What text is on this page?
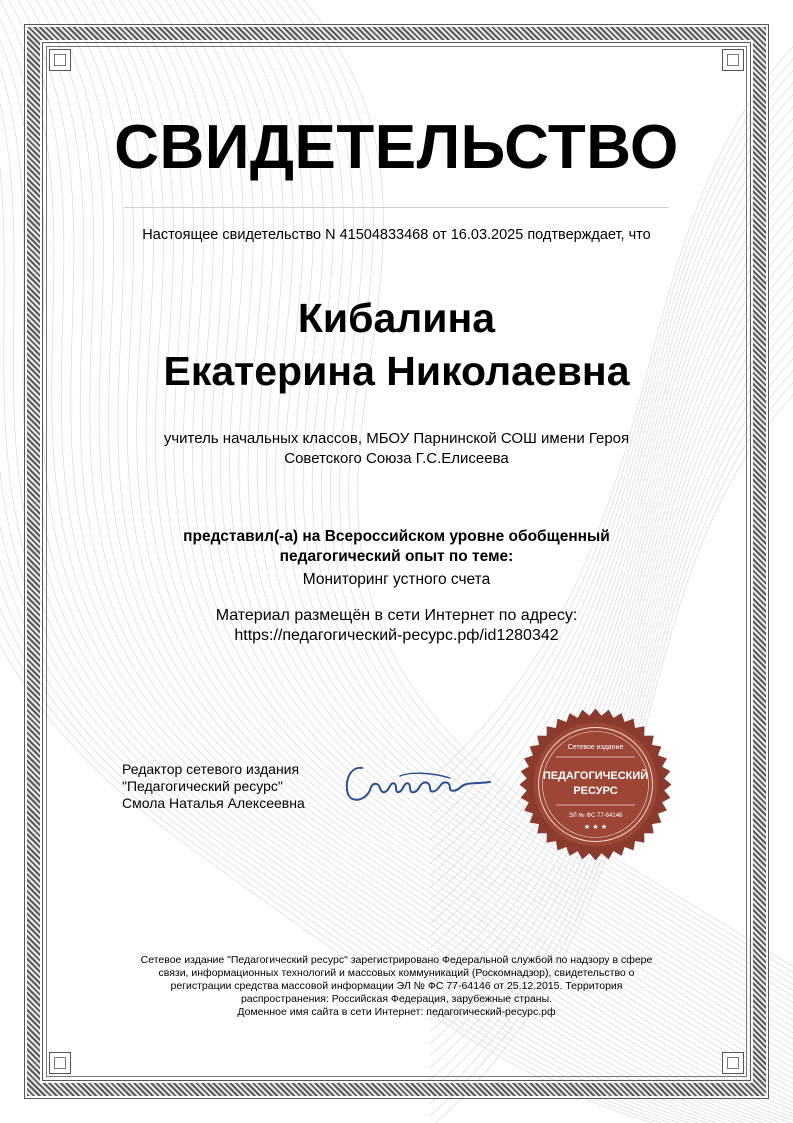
СВИДЕТЕЛЬСТВО
Настоящее свидетельство N 41504833468 от 16.03.2025 подтверждает, что
Кибалина
Екатерина Николаевна
учитель начальных классов, МБОУ Парнинской СОШ имени Героя
Советского Союза Г.С.Елисеева
представил(-а) на Всероссийском уровне обобщенный
педагогический опыт по теме:
Мониторинг устного счета
Материал размещён в сети Интернет по адресу:
https://педагогический-ресурс.рф/id1280342
Редактор сетевого издания
"Педагогический ресурс"
Смола Наталья Алексеевна
Сетевое издание
ПЕДАГОГИЧЕСКИЙ
РЕСУРС
ЭЛ № ФС 77-64146
★ ★ ★
Сетевое издание "Педагогический ресурс" зарегистрировано Федеральной службой по надзору в сфере
связи, информационных технологий и массовых коммуникаций (Роскомнадзор), свидетельство о
регистрации средства массовой информации ЭЛ № ФС 77-64146 от 25.12.2015. Территория
распространения: Российская Федерация, зарубежные страны.
Доменное имя сайта в сети Интернет: педагогический-ресурс.рф
